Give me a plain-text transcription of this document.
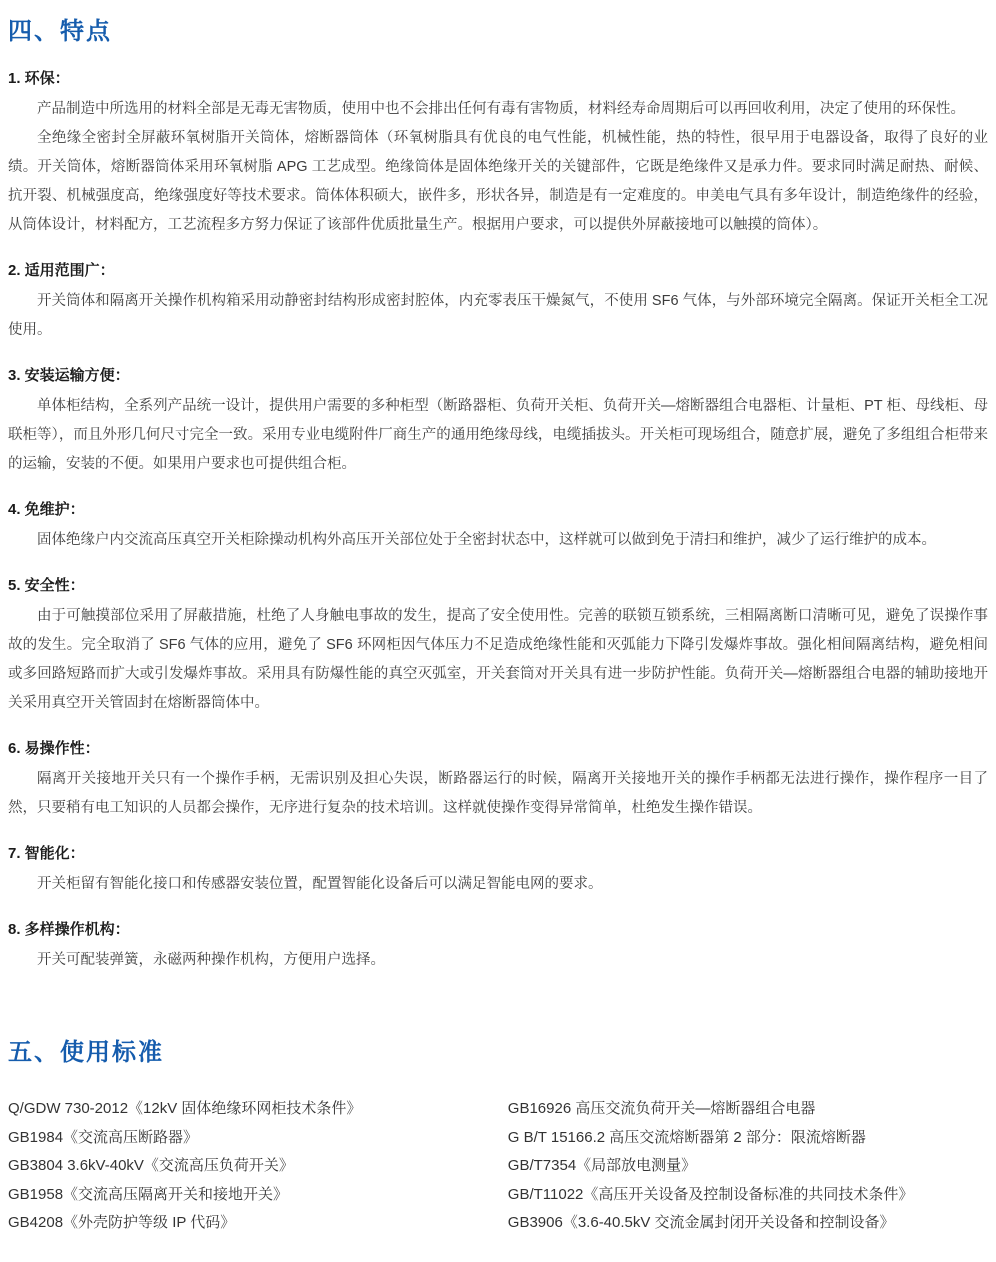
四、特点
1. 环保：

产品制造中所选用的材料全部是无毒无害物质，使用中也不会排出任何有毒有害物质，材料经寿命周期后可以再回收利用，决定了使用的环保性。

全绝缘全密封全屏蔽环氧树脂开关筒体，熔断器筒体（环氧树脂具有优良的电气性能，机械性能，热的特性，很早用于电器设备，取得了良好的业绩。开关筒体，熔断器筒体采用环氧树脂 APG 工艺成型。绝缘筒体是固体绝缘开关的关键部件，它既是绝缘件又是承力件。要求同时满足耐热、耐候、抗开裂、机械强度高，绝缘强度好等技术要求。筒体体积硕大，嵌件多，形状各异，制造是有一定难度的。申美电气具有多年设计，制造绝缘件的经验，从筒体设计，材料配方，工艺流程多方努力保证了该部件优质批量生产。根据用户要求，可以提供外屏蔽接地可以触摸的筒体）。

2. 适用范围广：

开关筒体和隔离开关操作机构箱采用动静密封结构形成密封腔体，内充零表压干燥氮气，不使用 SF6 气体，与外部环境完全隔离。保证开关柜全工况使用。

3. 安装运输方便：

单体柜结构，全系列产品统一设计，提供用户需要的多种柜型（断路器柜、负荷开关柜、负荷开关—熔断器组合电器柜、计量柜、PT 柜、母线柜、母联柜等），而且外形几何尺寸完全一致。采用专业电缆附件厂商生产的通用绝缘母线，电缆插拔头。开关柜可现场组合，随意扩展，避免了多组组合柜带来的运输，安装的不便。如果用户要求也可提供组合柜。

4. 免维护：

固体绝缘户内交流高压真空开关柜除操动机构外高压开关部位处于全密封状态中，这样就可以做到免于清扫和维护，减少了运行维护的成本。

5. 安全性：

由于可触摸部位采用了屏蔽措施，杜绝了人身触电事故的发生，提高了安全使用性。完善的联锁互锁系统，三相隔离断口清晰可见，避免了误操作事故的发生。完全取消了 SF6 气体的应用，避免了 SF6 环网柜因气体压力不足造成绝缘性能和灭弧能力下降引发爆炸事故。强化相间隔离结构，避免相间或多回路短路而扩大或引发爆炸事故。采用具有防爆性能的真空灭弧室，开关套筒对开关具有进一步防护性能。负荷开关—熔断器组合电器的辅助接地开关采用真空开关管固封在熔断器筒体中。

6. 易操作性：

隔离开关接地开关只有一个操作手柄，无需识别及担心失误，断路器运行的时候，隔离开关接地开关的操作手柄都无法进行操作，操作程序一目了然，只要稍有电工知识的人员都会操作，无序进行复杂的技术培训。这样就使操作变得异常简单，杜绝发生操作错误。

7. 智能化：

开关柜留有智能化接口和传感器安装位置，配置智能化设备后可以满足智能电网的要求。

8. 多样操作机构：

开关可配装弹簧，永磁两种操作机构，方便用户选择。

五、使用标准
Q/GDW 730-2012《12kV 固体绝缘环网柜技术条件》
GB1984《交流高压断路器》
GB3804 3.6kV-40kV《交流高压负荷开关》
GB1958《交流高压隔离开关和接地开关》
GB4208《外壳防护等级 IP 代码》
GB16926 高压交流负荷开关—熔断器组合电器
G B/T 15166.2 高压交流熔断器第 2 部分：限流熔断器
GB/T7354《局部放电测量》
GB/T11022《高压开关设备及控制设备标准的共同技术条件》
GB3906《3.6-40.5kV 交流金属封闭开关设备和控制设备》
